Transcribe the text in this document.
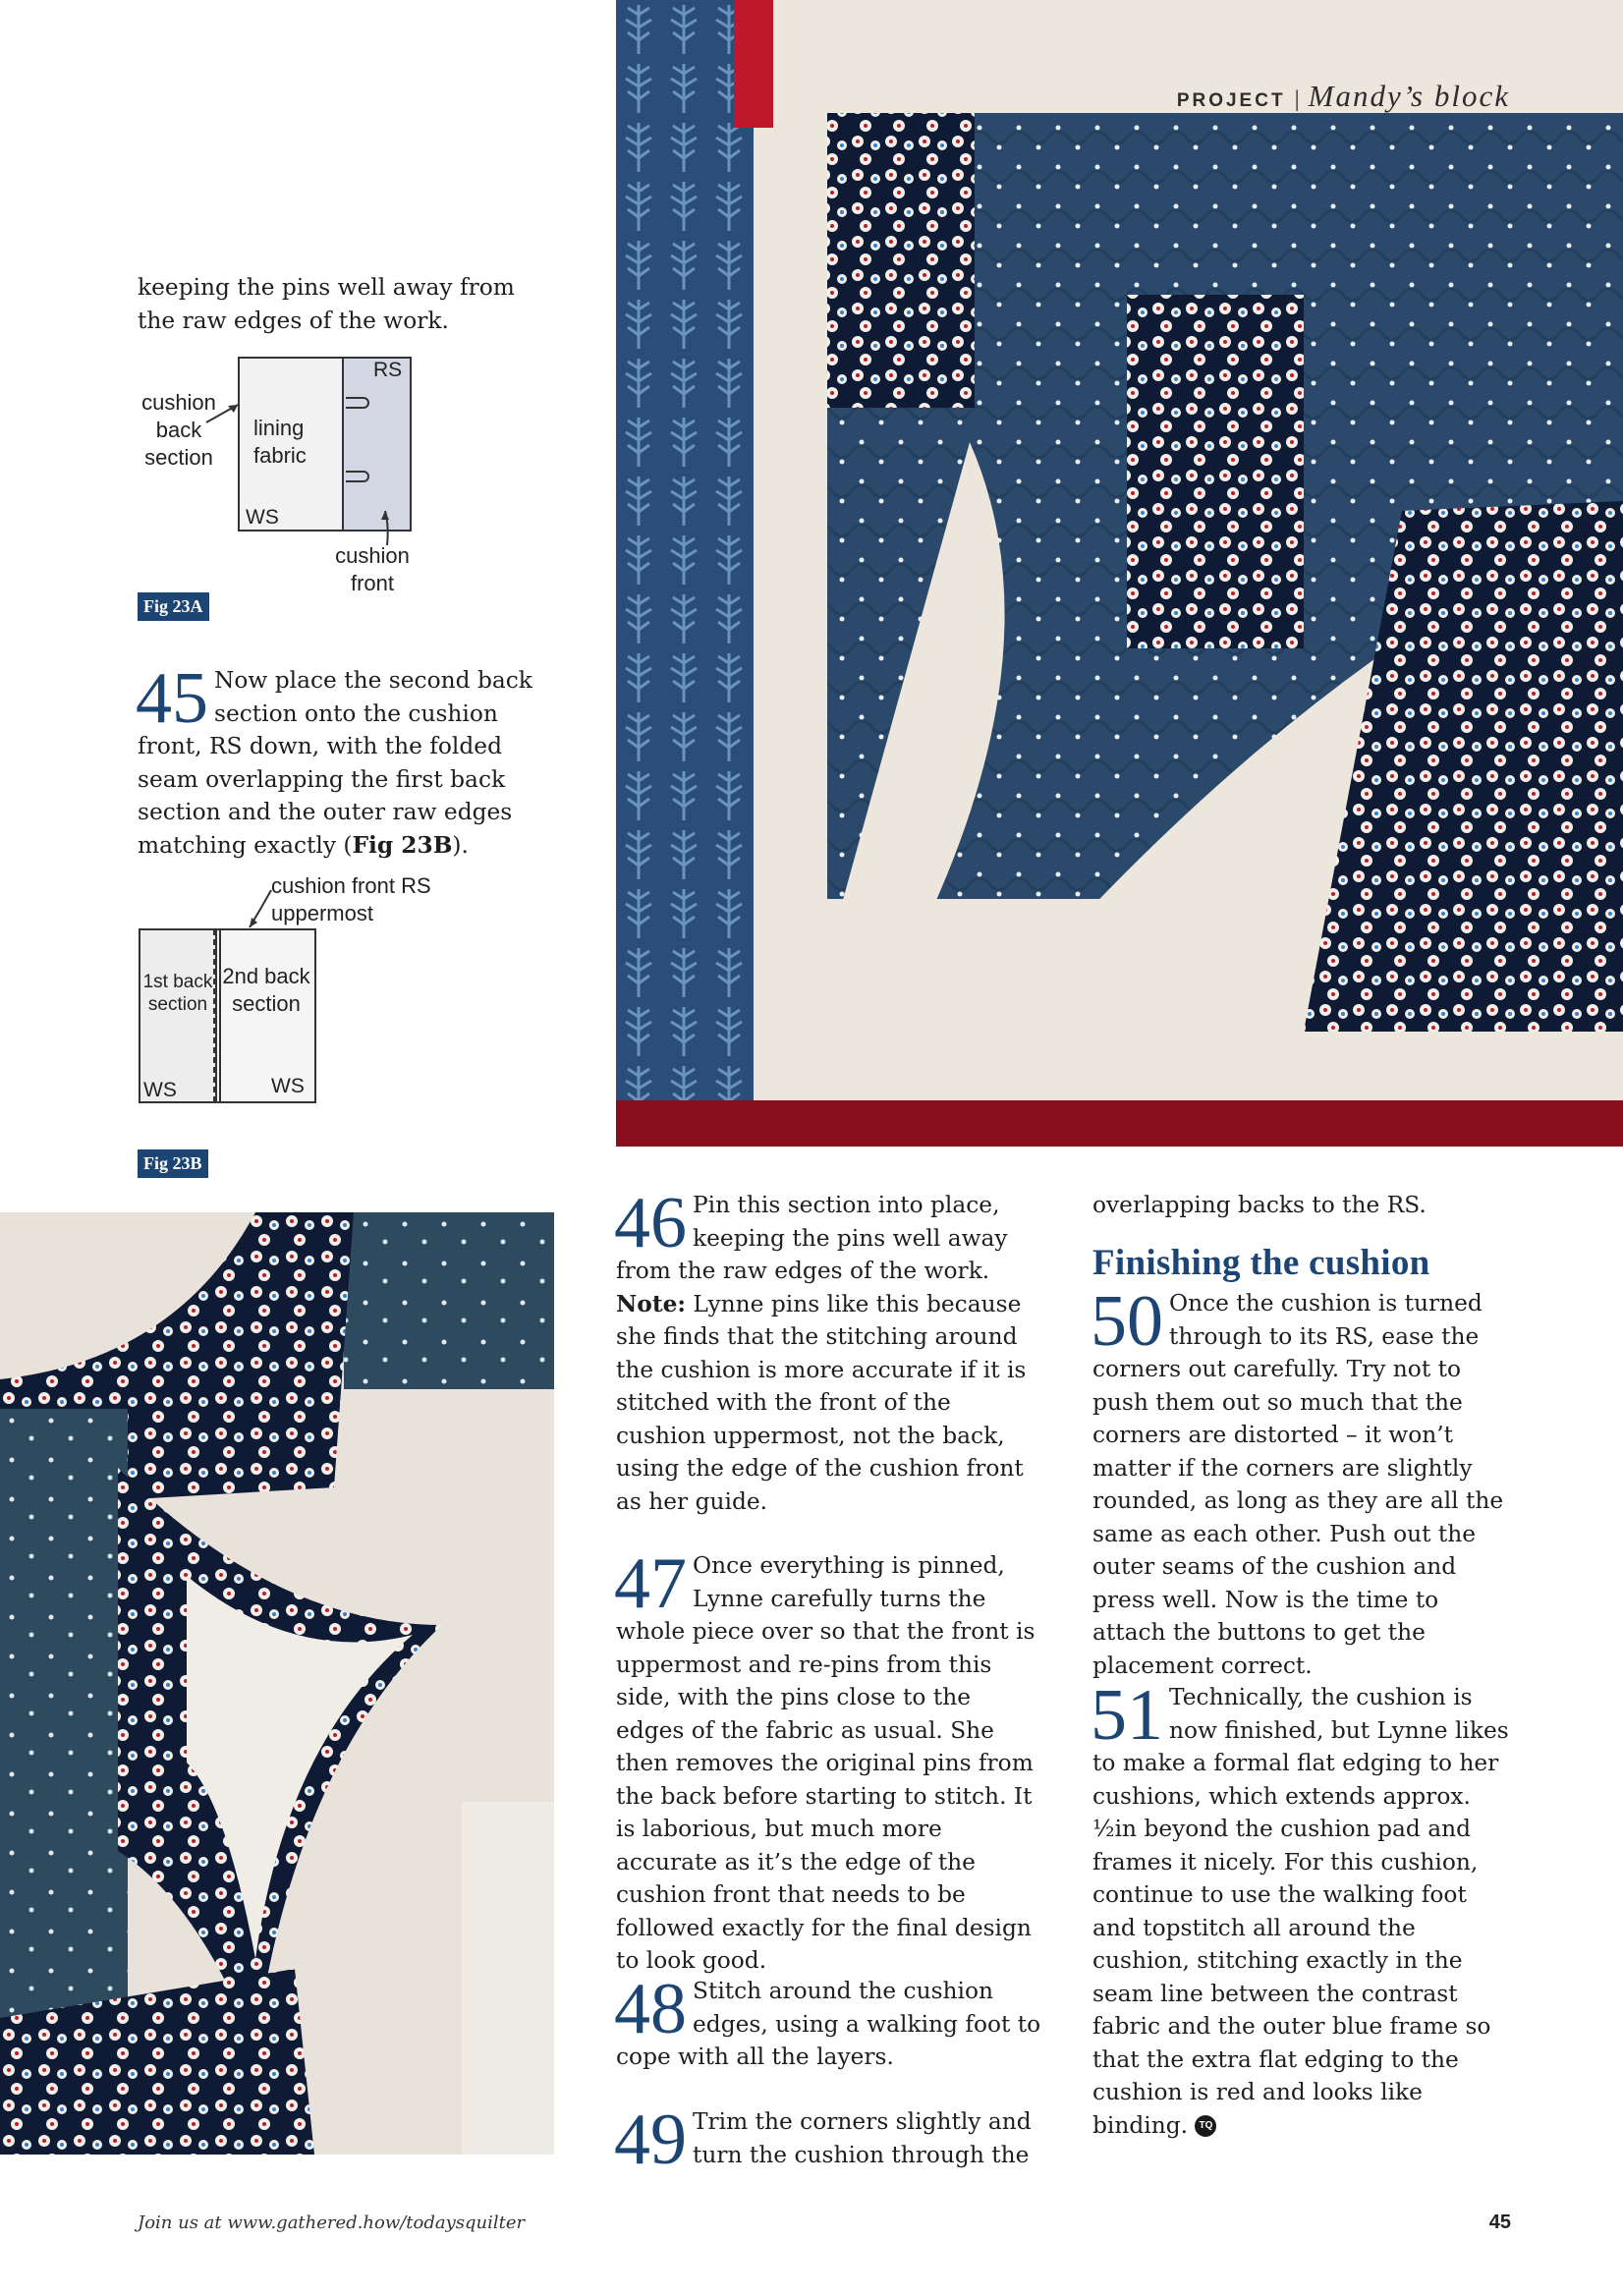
PROJECT | Mandy’s block
keeping the pins well away from the raw edges of the work.
cushion back section
lining fabric
RS
WS
cushion front
Fig 23A
45 Now place the second back section onto the cushion front, RS down, with the folded seam overlapping the first back section and the outer raw edges matching exactly (Fig 23B).

cushion front RS uppermost
1st back section
2nd back section
WS	WS
Fig 23B
46 Pin this section into place, keeping the pins well away from the raw edges of the work.
Note: Lynne pins like this because she finds that the stitching around the cushion is more accurate if it is stitched with the front of the cushion uppermost, not the back, using the edge of the cushion front as her guide.

47 Once everything is pinned, Lynne carefully turns the whole piece over so that the front is uppermost and re-pins from this side, with the pins close to the edges of the fabric as usual. She then removes the original pins from the back before starting to stitch. It is laborious, but much more accurate as it’s the edge of the cushion front that needs to be followed exactly for the final design to look good.

48 Stitch around the cushion edges, using a walking foot to cope with all the layers.

49 Trim the corners slightly and turn the cushion through the

overlapping backs to the RS.
Finishing the cushion
50 Once the cushion is turned through to its RS, ease the corners out carefully. Try not to push them out so much that the corners are distorted – it won’t matter if the corners are slightly rounded, as long as they are all the same as each other. Push out the outer seams of the cushion and press well. Now is the time to attach the buttons to get the placement correct.

51 Technically, the cushion is now finished, but Lynne likes to make a formal flat edging to her cushions, which extends approx. ½in beyond the cushion pad and frames it nicely. For this cushion, continue to use the walking foot and topstitch all around the cushion, stitching exactly in the seam line between the contrast fabric and the outer blue frame so that the extra flat edging to the cushion is red and looks like binding. TQ

Join us at www.gathered.how/todaysquilter	45
